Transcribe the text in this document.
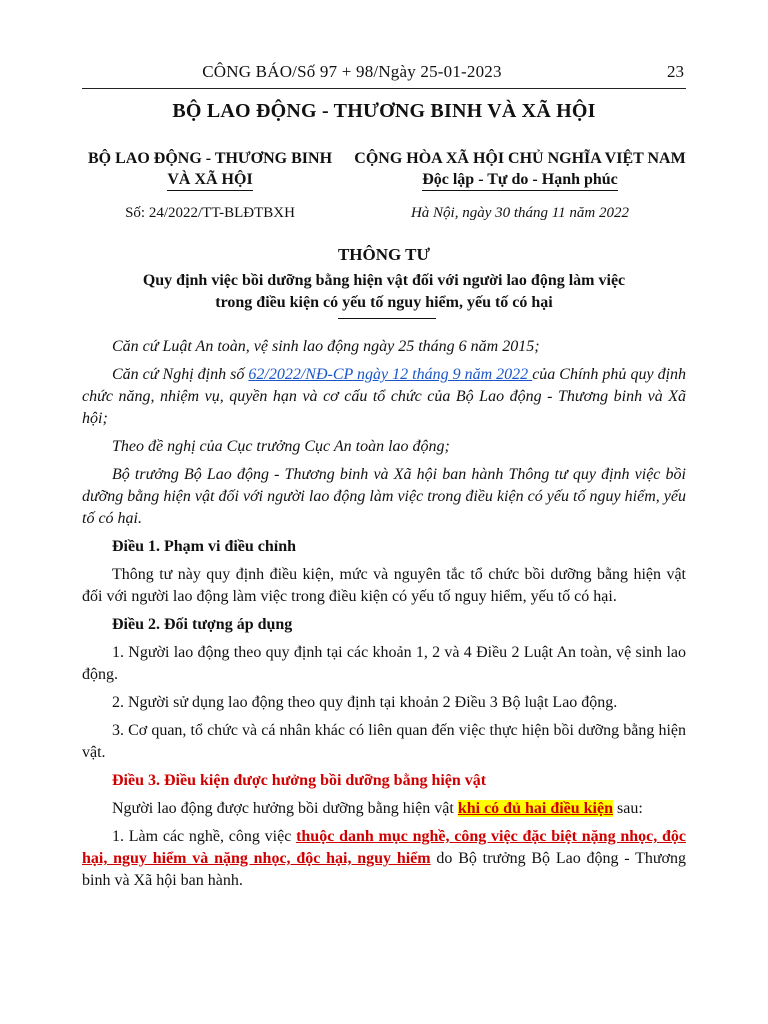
CÔNG BÁO/Số 97 + 98/Ngày 25-01-2023	23
BỘ LAO ĐỘNG - THƯƠNG BINH VÀ XÃ HỘI
BỘ LAO ĐỘNG - THƯƠNG BINH
VÀ XÃ HỘI
CỘNG HÒA XÃ HỘI CHỦ NGHĨA VIỆT NAM
Độc lập - Tự do - Hạnh phúc
Số: 24/2022/TT-BLĐTBXH	Hà Nội, ngày 30 tháng 11 năm 2022
THÔNG TƯ
Quy định việc bồi dưỡng bằng hiện vật đối với người lao động làm việc
trong điều kiện có yếu tố nguy hiểm, yếu tố có hại

Căn cứ Luật An toàn, vệ sinh lao động ngày 25 tháng 6 năm 2015;

Căn cứ Nghị định số 62/2022/NĐ-CP ngày 12 tháng 9 năm 2022 của Chính phủ quy định chức năng, nhiệm vụ, quyền hạn và cơ cấu tổ chức của Bộ Lao động - Thương binh và Xã hội;

Theo đề nghị của Cục trưởng Cục An toàn lao động;

Bộ trưởng Bộ Lao động - Thương binh và Xã hội ban hành Thông tư quy định việc bồi dưỡng bằng hiện vật đối với người lao động làm việc trong điều kiện có yếu tố nguy hiểm, yếu tố có hại.

Điều 1. Phạm vi điều chỉnh

Thông tư này quy định điều kiện, mức và nguyên tắc tổ chức bồi dưỡng bằng hiện vật đối với người lao động làm việc trong điều kiện có yếu tố nguy hiểm, yếu tố có hại.

Điều 2. Đối tượng áp dụng

1. Người lao động theo quy định tại các khoản 1, 2 và 4 Điều 2 Luật An toàn, vệ sinh lao động.

2. Người sử dụng lao động theo quy định tại khoản 2 Điều 3 Bộ luật Lao động.

3. Cơ quan, tổ chức và cá nhân khác có liên quan đến việc thực hiện bồi dưỡng bằng hiện vật.

Điều 3. Điều kiện được hưởng bồi dưỡng bằng hiện vật

Người lao động được hưởng bồi dưỡng bằng hiện vật khi có đủ hai điều kiện sau:

1. Làm các nghề, công việc thuộc danh mục nghề, công việc đặc biệt nặng nhọc, độc hại, nguy hiểm và nặng nhọc, độc hại, nguy hiểm do Bộ trưởng Bộ Lao động - Thương binh và Xã hội ban hành.
